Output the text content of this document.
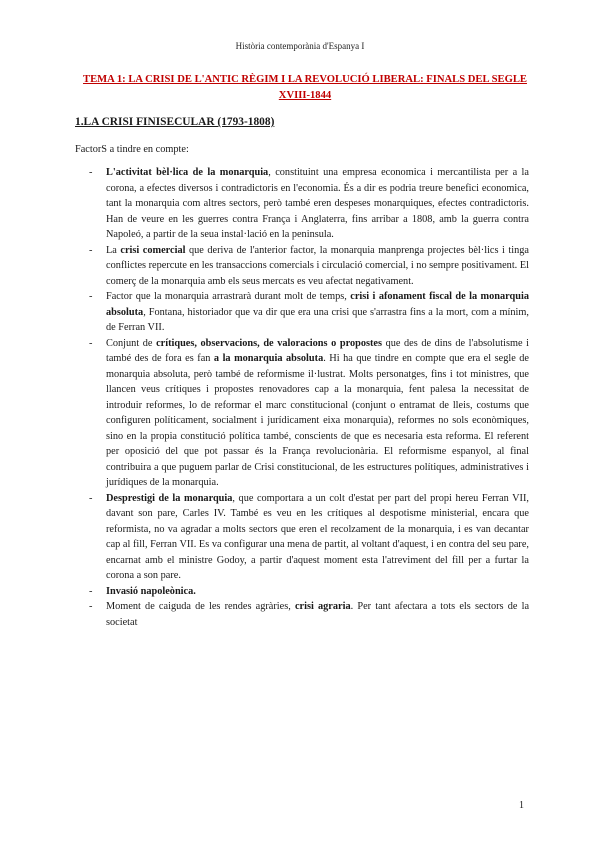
Història contemporània d'Espanya I
TEMA 1: LA CRISI DE L'ANTIC RÈGIM I LA REVOLUCIÓ LIBERAL: FINALS DEL SEGLE XVIII-1844
1.LA CRISI FINISECULAR (1793-1808)
FactorS a tindre en compte:
- L'activitat bèl·lica de la monarquia, constituint una empresa economica i mercantilista per a la corona, a efectes diversos i contradictoris en l'economia. És a dir es podria treure benefici economica, tant la monarquia com altres sectors, però també eren despeses monarquiques, efectes contradictoris. Han de veure en les guerres contra França i Anglaterra, fins arribar a 1808, amb la guerra contra Napoleó, a partir de la seua instal·lació en la peninsula.
- La crisi comercial que deriva de l'anterior factor, la monarquia manprenga projectes bèl·lics i tinga conflictes repercute en les transaccions comercials i circulació comercial, i no sempre positivament. El comerç de la monarquia amb els seus mercats es veu afectat negativament.
- Factor que la monarquia arrastrarà durant molt de temps, crisi i afonament fiscal de la monarquia absoluta, Fontana, historiador que va dir que era una crisi que s'arrastra fins a la mort, com a mínim, de Ferran VII.
- Conjunt de crítiques, observacions, de valoracions o propostes que des de dins de l'absolutisme i també des de fora es fan a la monarquia absoluta. Hi ha que tindre en compte que era el segle de monarquia absoluta, però també de reformisme il·lustrat. Molts personatges, fins i tot ministres, que llancen veus crítiques i propostes renovadores cap a la monarquia, fent palesa la necessitat de introduir reformes, lo de reformar el marc constitucional (conjunt o entramat de lleis, costums que configuren políticament, socialment i jurídicament eixa monarquia), reformes no sols econòmiques, sino en la propia constitució política també, conscients de que es necesaria esta reforma. El referent per oposició del que pot passar és la França revolucionària. El reformisme espanyol, al final contribuira a que puguem parlar de Crisi constitucional, de les estructures polítiques, administratives i jurídiques de la monarquia.
- Desprestigi de la monarquia, que comportara a un colt d'estat per part del propi hereu Ferran VII, davant son pare, Carles IV. També es veu en les crítiques al despotisme ministerial, encara que reformista, no va agradar a molts sectors que eren el recolzament de la monarquia, i es van decantar cap al fill, Ferran VII. Es va configurar una mena de partit, al voltant d'aquest, i en contra del seu pare, encarnat amb el ministre Godoy, a partir d'aquest moment esta l'atreviment del fill per a furtar la corona a son pare.
- Invasió napoleònica.
- Moment de caiguda de les rendes agràries, crisi agraria. Per tant afectara a tots els sectors de la societat
1
